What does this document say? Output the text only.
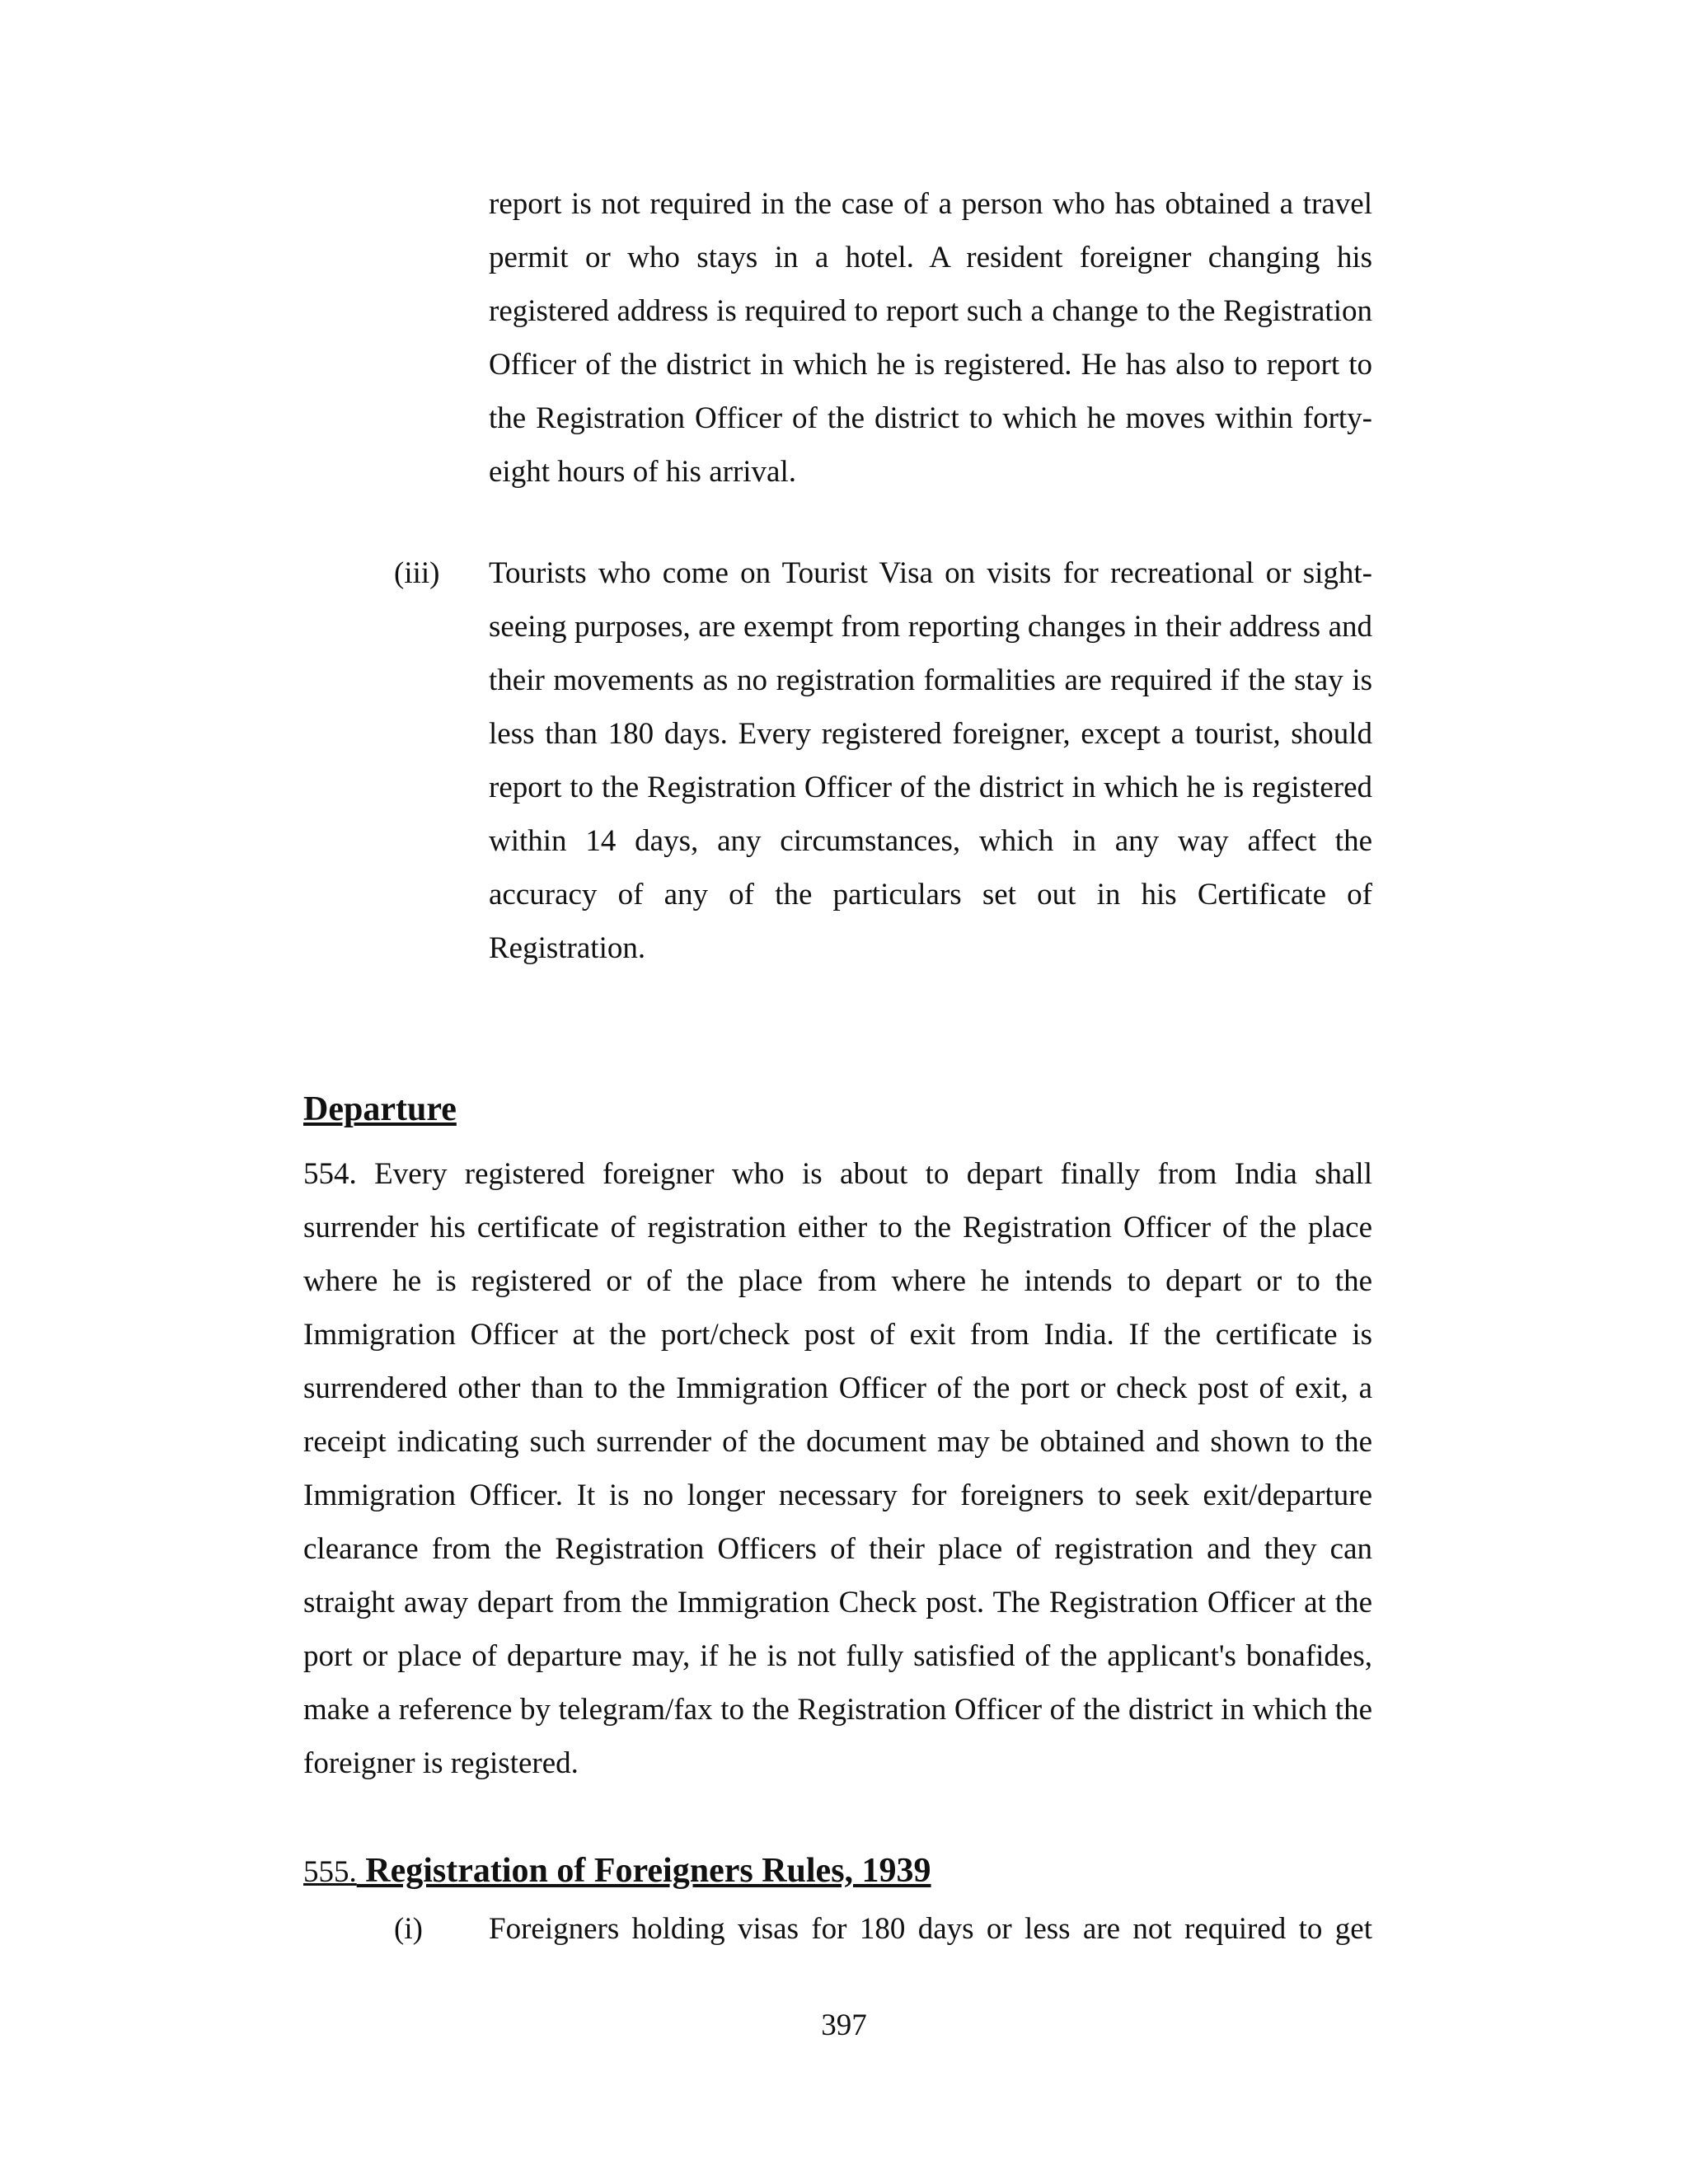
report is not required in the case of a person who has obtained a travel permit or who stays in a hotel. A resident foreigner changing his registered address is required to report such a change to the Registration Officer of the district in which he is registered. He has also to report to the Registration Officer of the district to which he moves within forty-eight hours of his arrival.

(iii) Tourists who come on Tourist Visa on visits for recreational or sight-seeing purposes, are exempt from reporting changes in their address and their movements as no registration formalities are required if the stay is less than 180 days. Every registered foreigner, except a tourist, should report to the Registration Officer of the district in which he is registered within 14 days, any circumstances, which in any way affect the accuracy of any of the particulars set out in his Certificate of Registration.

Departure

554. Every registered foreigner who is about to depart finally from India shall surrender his certificate of registration either to the Registration Officer of the place where he is registered or of the place from where he intends to depart or to the Immigration Officer at the port/check post of exit from India. If the certificate is surrendered other than to the Immigration Officer of the port or check post of exit, a receipt indicating such surrender of the document may be obtained and shown to the Immigration Officer. It is no longer necessary for foreigners to seek exit/departure clearance from the Registration Officers of their place of registration and they can straight away depart from the Immigration Check post. The Registration Officer at the port or place of departure may, if he is not fully satisfied of the applicant's bonafides, make a reference by telegram/fax to the Registration Officer of the district in which the foreigner is registered.

555. Registration of Foreigners Rules, 1939

(i) Foreigners holding visas for 180 days or less are not required to get

397
